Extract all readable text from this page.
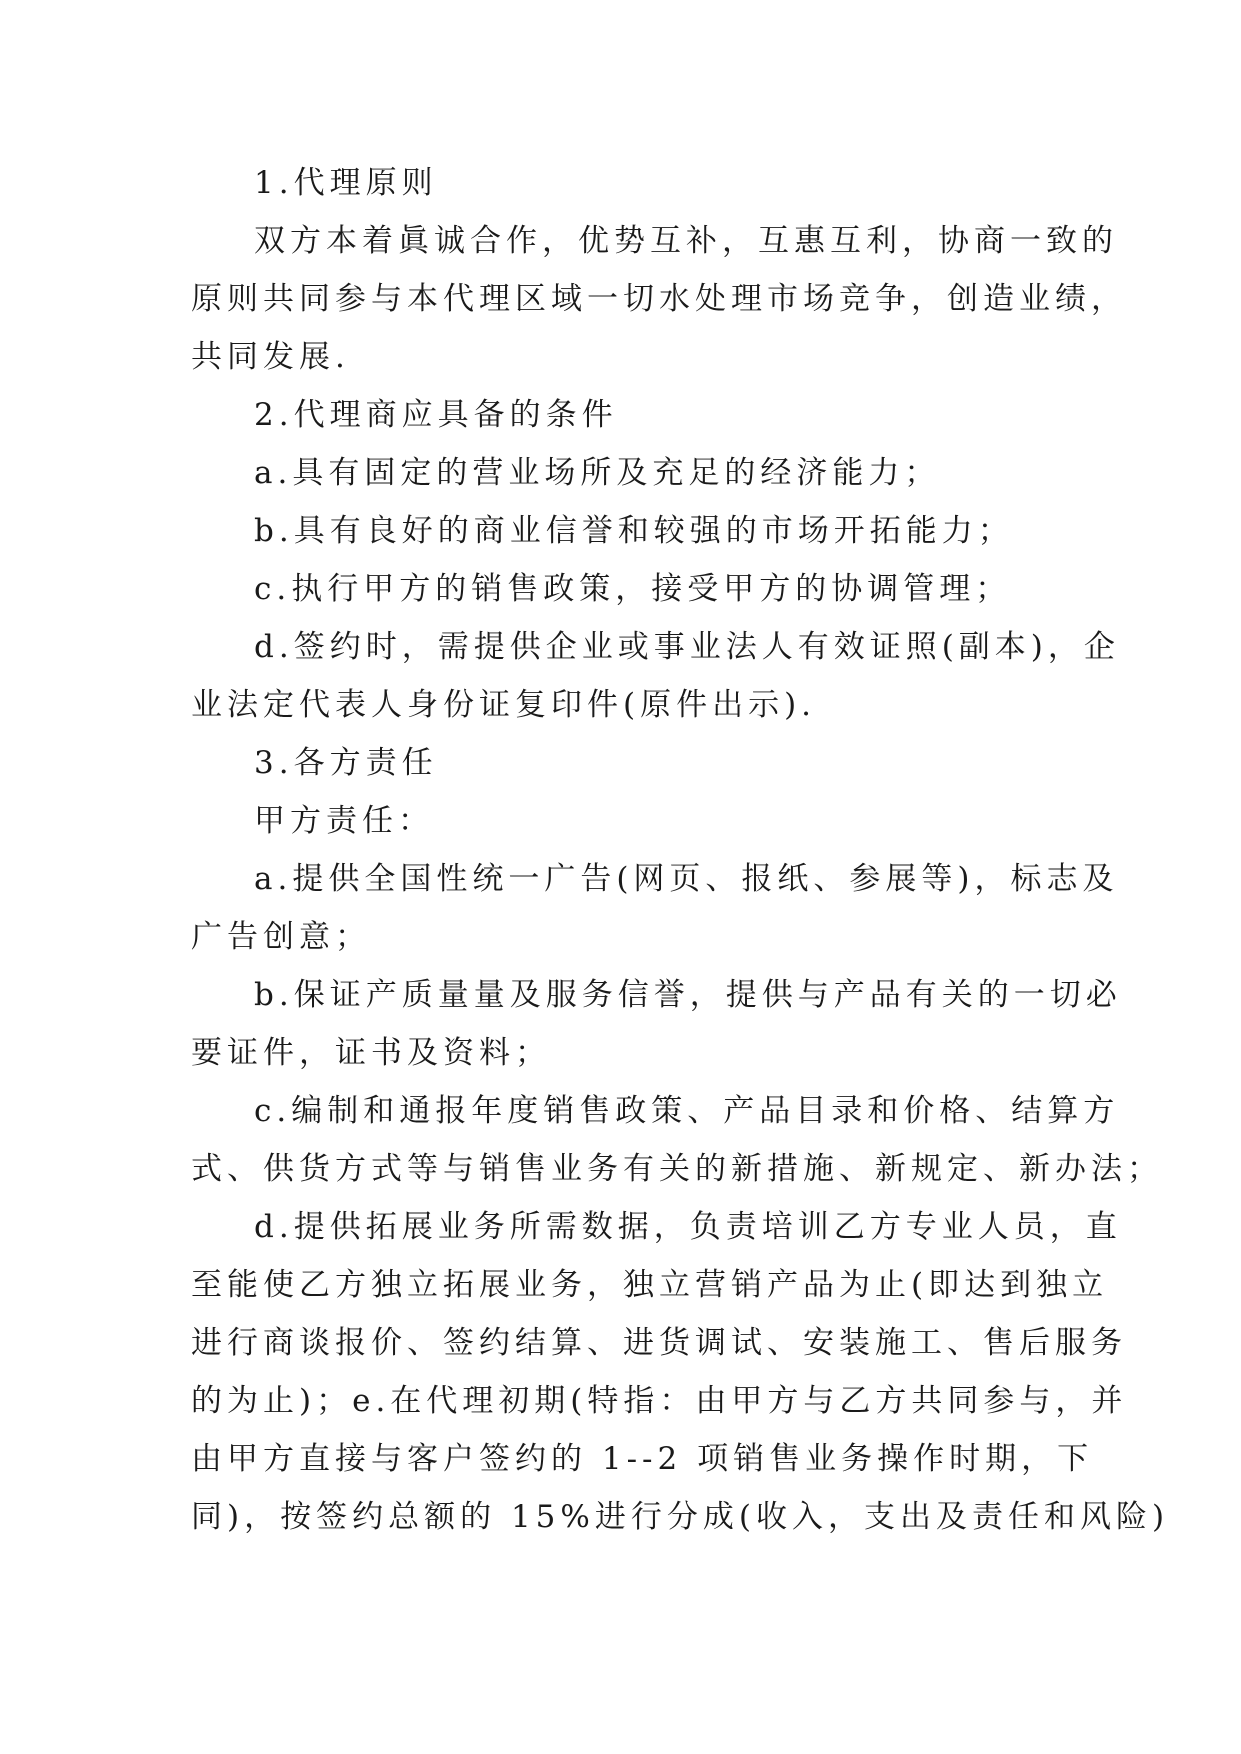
1.代理原则
双方本着眞诚合作，优势互补，互惠互利，协商一致的
原则共同参与本代理区域一切水处理市场竞争，创造业绩，
共同发展.
2.代理商应具备的条件
a.具有固定的营业场所及充足的经济能力；
b.具有良好的商业信誉和较强的市场开拓能力；
c.执行甲方的销售政策，接受甲方的协调管理；
d.签约时，需提供企业或事业法人有效证照(副本)，企
业法定代表人身份证复印件(原件出示).
3.各方责任
甲方责任：
a.提供全国性统一广告(网页、报纸、参展等)，标志及
广告创意；
b.保证产质量量及服务信誉，提供与产品有关的一切必
要证件，证书及资料；
c.编制和通报年度销售政策、产品目录和价格、结算方
式、供货方式等与销售业务有关的新措施、新规定、新办法；
d.提供拓展业务所需数据，负责培训乙方专业人员，直
至能使乙方独立拓展业务，独立营销产品为止(即达到独立
进行商谈报价、签约结算、进货调试、安装施工、售后服务
的为止)；e.在代理初期(特指：由甲方与乙方共同参与，并
由甲方直接与客户签约的 1--2 项销售业务操作时期，下
同)，按签约总额的 15%进行分成(收入，支出及责任和风险)
